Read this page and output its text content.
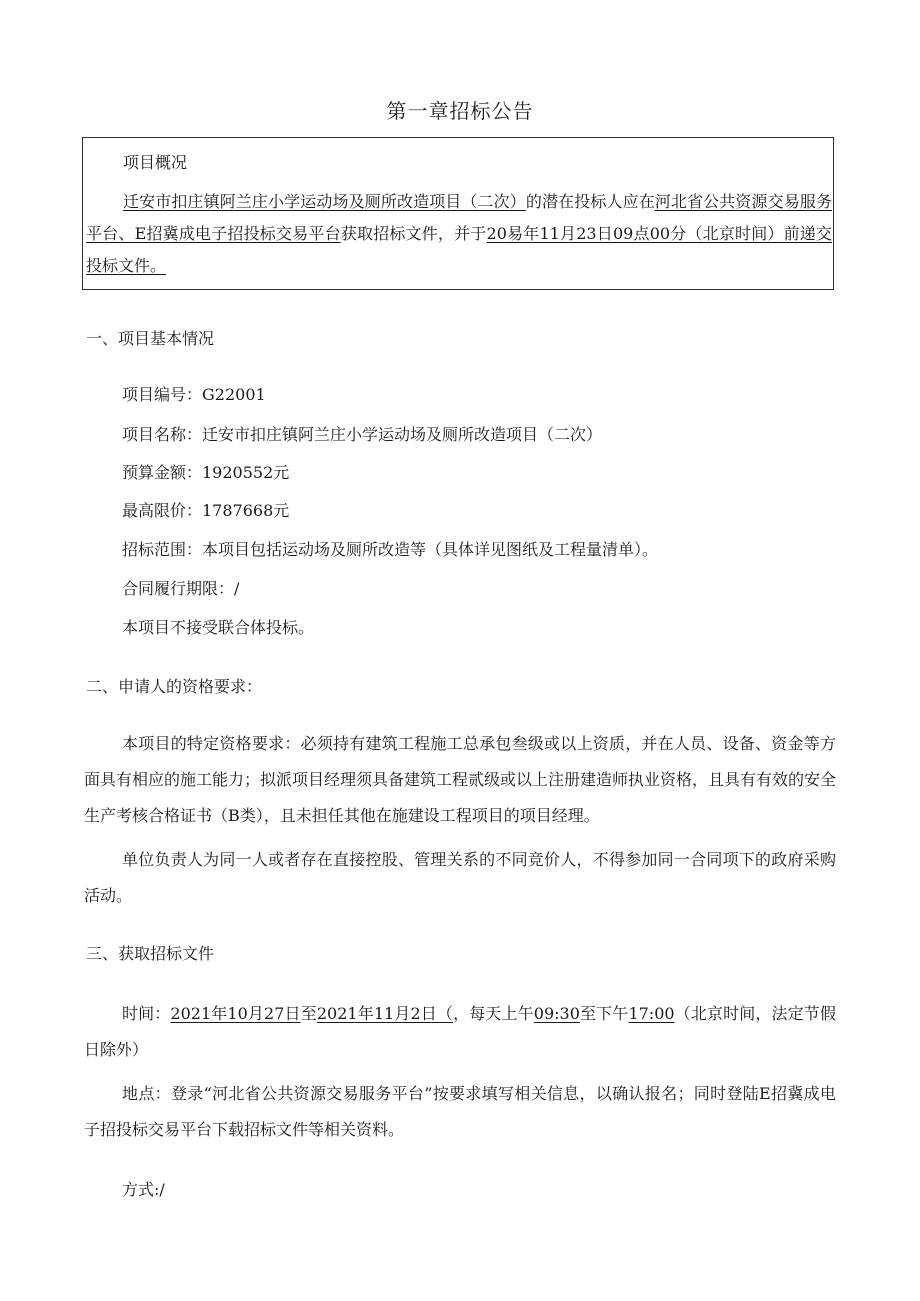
第一章招标公告
项目概况
迁安市扣庄镇阿兰庄小学运动场及厕所改造项目（二次）的潜在投标人应在河北省公共资源交易服务平台、E招冀成电子招投标交易平台获取招标文件，并于20易年11月23日09点00分（北京时间）前递交投标文件。
一、项目基本情况
项目编号：G22001
项目名称：迁安市扣庄镇阿兰庄小学运动场及厕所改造项目（二次）
预算金额：1920552元
最高限价：1787668元
招标范围：本项目包括运动场及厕所改造等（具体详见图纸及工程量清单）。
合同履行期限：/
本项目不接受联合体投标。
二、申请人的资格要求：
本项目的特定资格要求：必须持有建筑工程施工总承包叁级或以上资质，并在人员、设备、资金等方面具有相应的施工能力；拟派项目经理须具备建筑工程贰级或以上注册建造师执业资格，且具有有效的安全生产考核合格证书（B类），且未担任其他在施建设工程项目的项目经理。
单位负责人为同一人或者存在直接控股、管理关系的不同竞价人，不得参加同一合同项下的政府采购活动。
三、获取招标文件
时间：2021年10月27日至2021年11月2日（，每天上午09:30至下午17:00（北京时间，法定节假日除外）
地点：登录“河北省公共资源交易服务平台”按要求填写相关信息，以确认报名；同时登陆E招冀成电子招投标交易平台下载招标文件等相关资料。
方式:/
